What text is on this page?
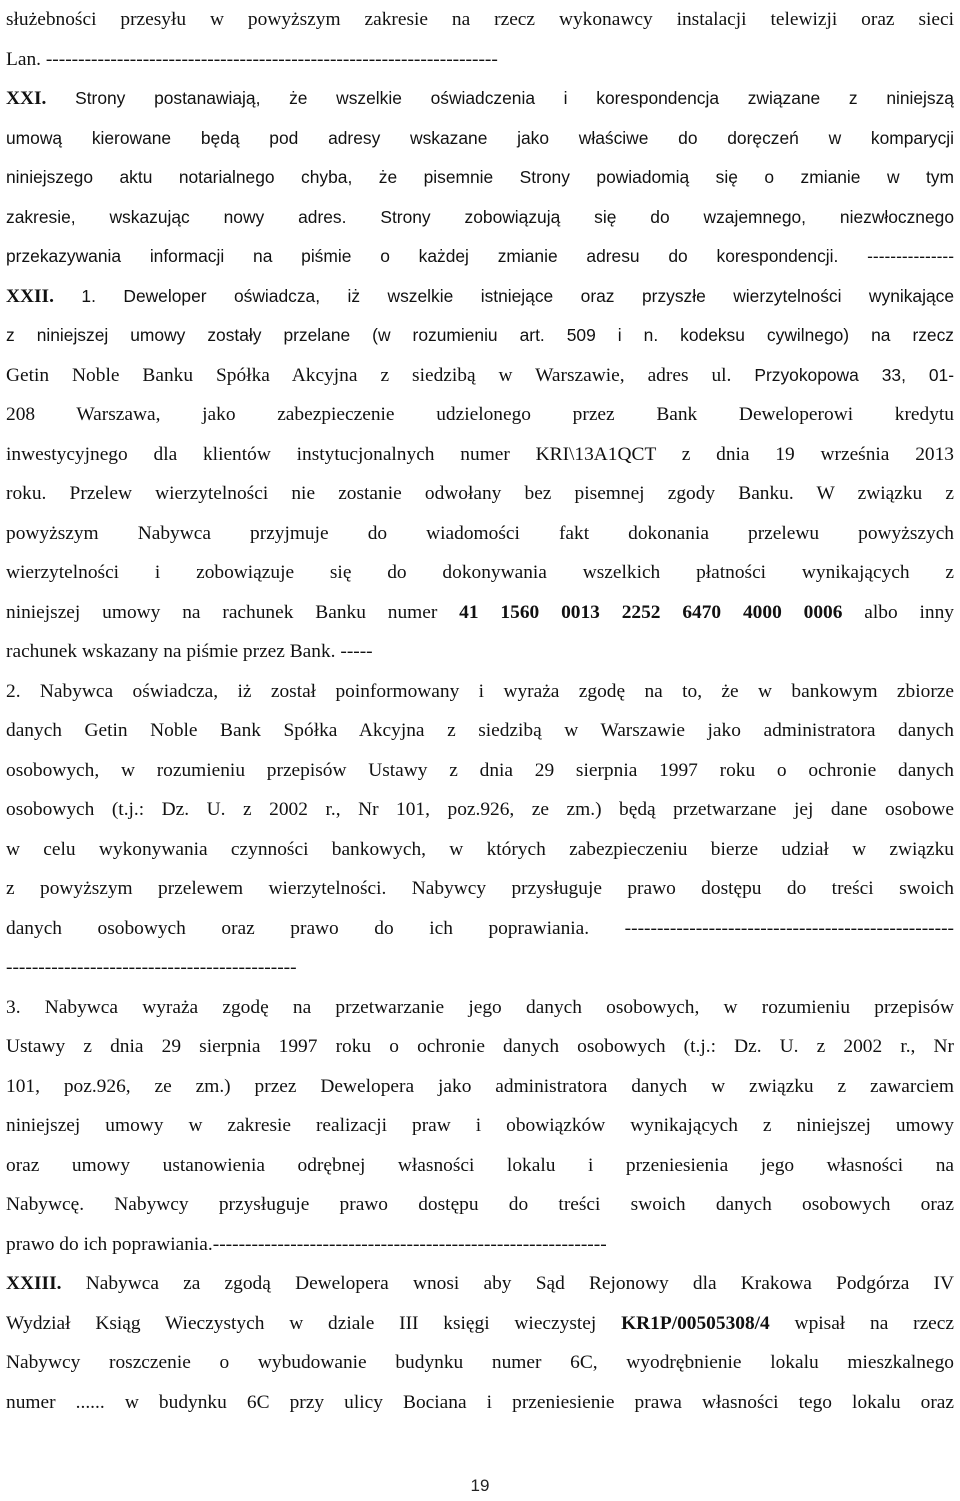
służebności przesyłu w powyższym zakresie na rzecz wykonawcy instalacji telewizji oraz sieci
Lan. ----------------------------------------------------------------------
XXI. Strony postanawiają, że wszelkie oświadczenia i korespondencja związane z niniejszą
umową kierowane będą pod adresy wskazane jako właściwe do doręczeń w komparycji
niniejszego aktu notarialnego chyba, że pisemnie Strony powiadomią się o zmianie w tym
zakresie, wskazując nowy adres. Strony zobowiązują się do wzajemnego, niezwłocznego
przekazywania informacji na piśmie o każdej zmianie adresu do korespondencji. ---------------
XXII. 1. Deweloper oświadcza, iż wszelkie istniejące oraz przyszłe wierzytelności wynikające
z niniejszej umowy zostały przelane (w rozumieniu art. 509 i n. kodeksu cywilnego) na rzecz
Getin Noble Banku Spółka Akcyjna z siedzibą w Warszawie, adres ul. Przyokopowa 33, 01-
208 Warszawa, jako zabezpieczenie udzielonego przez Bank Deweloperowi kredytu
inwestycyjnego dla klientów instytucjonalnych numer KRI\13A1QCT z dnia 19 września 2013
roku. Przelew wierzytelności nie zostanie odwołany bez pisemnej zgody Banku. W związku z
powyższym Nabywca przyjmuje do wiadomości fakt dokonania przelewu powyższych
wierzytelności i zobowiązuje się do dokonywania wszelkich płatności wynikających z
niniejszej umowy na rachunek Banku numer 41 1560 0013 2252 6470 4000 0006 albo inny
rachunek wskazany na piśmie przez Bank. -----
2. Nabywca oświadcza, iż został poinformowany i wyraża zgodę na to, że w bankowym zbiorze
danych Getin Noble Bank Spółka Akcyjna z siedzibą w Warszawie jako administratora danych
osobowych, w rozumieniu przepisów Ustawy z dnia 29 sierpnia 1997 roku o ochronie danych
osobowych (t.j.: Dz. U. z 2002 r., Nr 101, poz.926, ze zm.) będą przetwarzane jej dane osobowe
w celu wykonywania czynności bankowych, w których zabezpieczeniu bierze udział w związku
z powyższym przelewem wierzytelności. Nabywcy przysługuje prawo dostępu do treści swoich
danych osobowych oraz prawo do ich poprawiania. ---------------------------------------------------
---------------------------------------------
3. Nabywca wyraża zgodę na przetwarzanie jego danych osobowych, w rozumieniu przepisów
Ustawy z dnia 29 sierpnia 1997 roku o ochronie danych osobowych (t.j.: Dz. U. z 2002 r., Nr
101, poz.926, ze zm.) przez Dewelopera jako administratora danych w związku z zawarciem
niniejszej umowy w zakresie realizacji praw i obowiązków wynikających z niniejszej umowy
oraz umowy ustanowienia odrębnej własności lokalu i przeniesienia jego własności na
Nabywcę. Nabywcy przysługuje prawo dostępu do treści swoich danych osobowych oraz
prawo do ich poprawiania.-------------------------------------------------------------
XXIII. Nabywca za zgodą Dewelopera wnosi aby Sąd Rejonowy dla Krakowa Podgórza IV
Wydział Ksiąg Wieczystych w dziale III księgi wieczystej KR1P/00505308/4 wpisał na rzecz
Nabywcy roszczenie o wybudowanie budynku numer 6C, wyodrębnienie lokalu mieszkalnego
numer ...... w budynku 6C przy ulicy Bociana i przeniesienie prawa własności tego lokalu oraz
19
